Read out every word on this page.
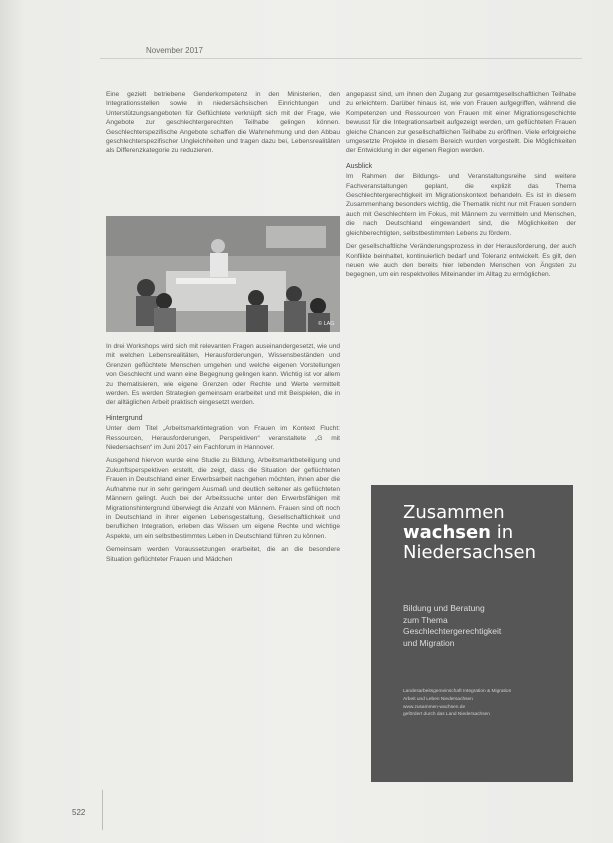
November 2017

Eine gezielt betriebene Genderkompetenz in den Ministerien, den Integrationsstellen sowie in niedersächsischen Einrichtungen und Unterstützungsangeboten für Geflüchtete verknüpft sich mit der Frage, wie Angebote zur geschlechtergerechten Teilhabe gelingen können. Geschlechterspezifische Angebote schaffen die Wahrnehmung und den Abbau geschlechterspezifischer Ungleichheiten und tragen dazu bei, Lebensrealitäten als Differenzkategorie zu reduzieren.

© LAG

In drei Workshops wird sich mit relevanten Fragen auseinandergesetzt, wie und mit welchen Lebensrealitäten, Herausforderungen, Wissensbeständen und Grenzen geflüchtete Menschen umgehen und welche eigenen Vorstellungen von Geschlecht und wann eine Begegnung gelingen kann. Wichtig ist vor allem zu thematisieren, wie eigene Grenzen oder Rechte und Werte vermittelt werden. Es werden Strategien gemeinsam erarbeitet und mit Beispielen, die in der alltäglichen Arbeit praktisch eingesetzt werden.

Hintergrund

Unter dem Titel „Arbeitsmarktintegration von Frauen im Kontext Flucht: Ressourcen, Herausforderungen, Perspektiven“ veranstaltete „G mit Niedersachsen“ im Juni 2017 ein Fachforum in Hannover.

Ausgehend hiervon wurde eine Studie zu Bildung, Arbeitsmarktbeteiligung und Zukunftsperspektiven erstellt, die zeigt, dass die Situation der geflüchteten Frauen in Deutschland einer Erwerbsarbeit nachgehen möchten, ihnen aber die Aufnahme nur in sehr geringem Ausmaß und deutlich seltener als geflüchteten Männern gelingt. Auch bei der Arbeitssuche unter den Erwerbsfähigen mit Migrationshintergrund überwiegt die Anzahl von Männern. Frauen sind oft noch in Deutschland in ihrer eigenen Lebensgestaltung, Gesellschaftlichkeit und beruflichen Integration, erleben das Wissen um eigene Rechte und wichtige Aspekte, um ein selbstbestimmtes Leben in Deutschland führen zu können.

Gemeinsam werden Voraussetzungen erarbeitet, die an die besondere Situation geflüchteter Frauen und Mädchen

angepasst sind, um ihnen den Zugang zur gesamtgesellschaftlichen Teilhabe zu erleichtern. Darüber hinaus ist, wie von Frauen aufgegriffen, während die Kompetenzen und Ressourcen von Frauen mit einer Migrationsgeschichte bewusst für die Integrationsarbeit aufgezeigt werden, um geflüchteten Frauen gleiche Chancen zur gesellschaftlichen Teilhabe zu eröffnen. Viele erfolgreiche umgesetzte Projekte in diesem Bereich wurden vorgestellt. Die Möglichkeiten der Entwicklung in der eigenen Region werden.

Ausblick

Im Rahmen der Bildungs- und Veranstaltungsreihe sind weitere Fachveranstaltungen geplant, die explizit das Thema Geschlechtergerechtigkeit im Migrationskontext behandeln. Es ist in diesem Zusammenhang besonders wichtig, die Thematik nicht nur mit Frauen sondern auch mit Geschlechtern im Fokus, mit Männern zu vermitteln und Menschen, die nach Deutschland eingewandert sind, die Möglichkeiten der gleichberechtigten, selbstbestimmten Lebens zu fördern.

Der gesellschaftliche Veränderungsprozess in der Herausforderung, der auch Konflikte beinhaltet, kontinuierlich bedarf und Toleranz entwickelt. Es gilt, den neuen wie auch den bereits hier lebenden Menschen von Ängsten zu begegnen, um ein respektvolles Miteinander im Alltag zu ermöglichen.

Zusammen
wachsen in
Niedersachsen
Bildung und Beratung
zum Thema
Geschlechtergerechtigkeit
und Migration
Landesarbeitsgemeinschaft Integration & Migration
Arbeit und Leben Niedersachsen
www.zusammen-wachsen.de
gefördert durch das Land Niedersachsen
522
